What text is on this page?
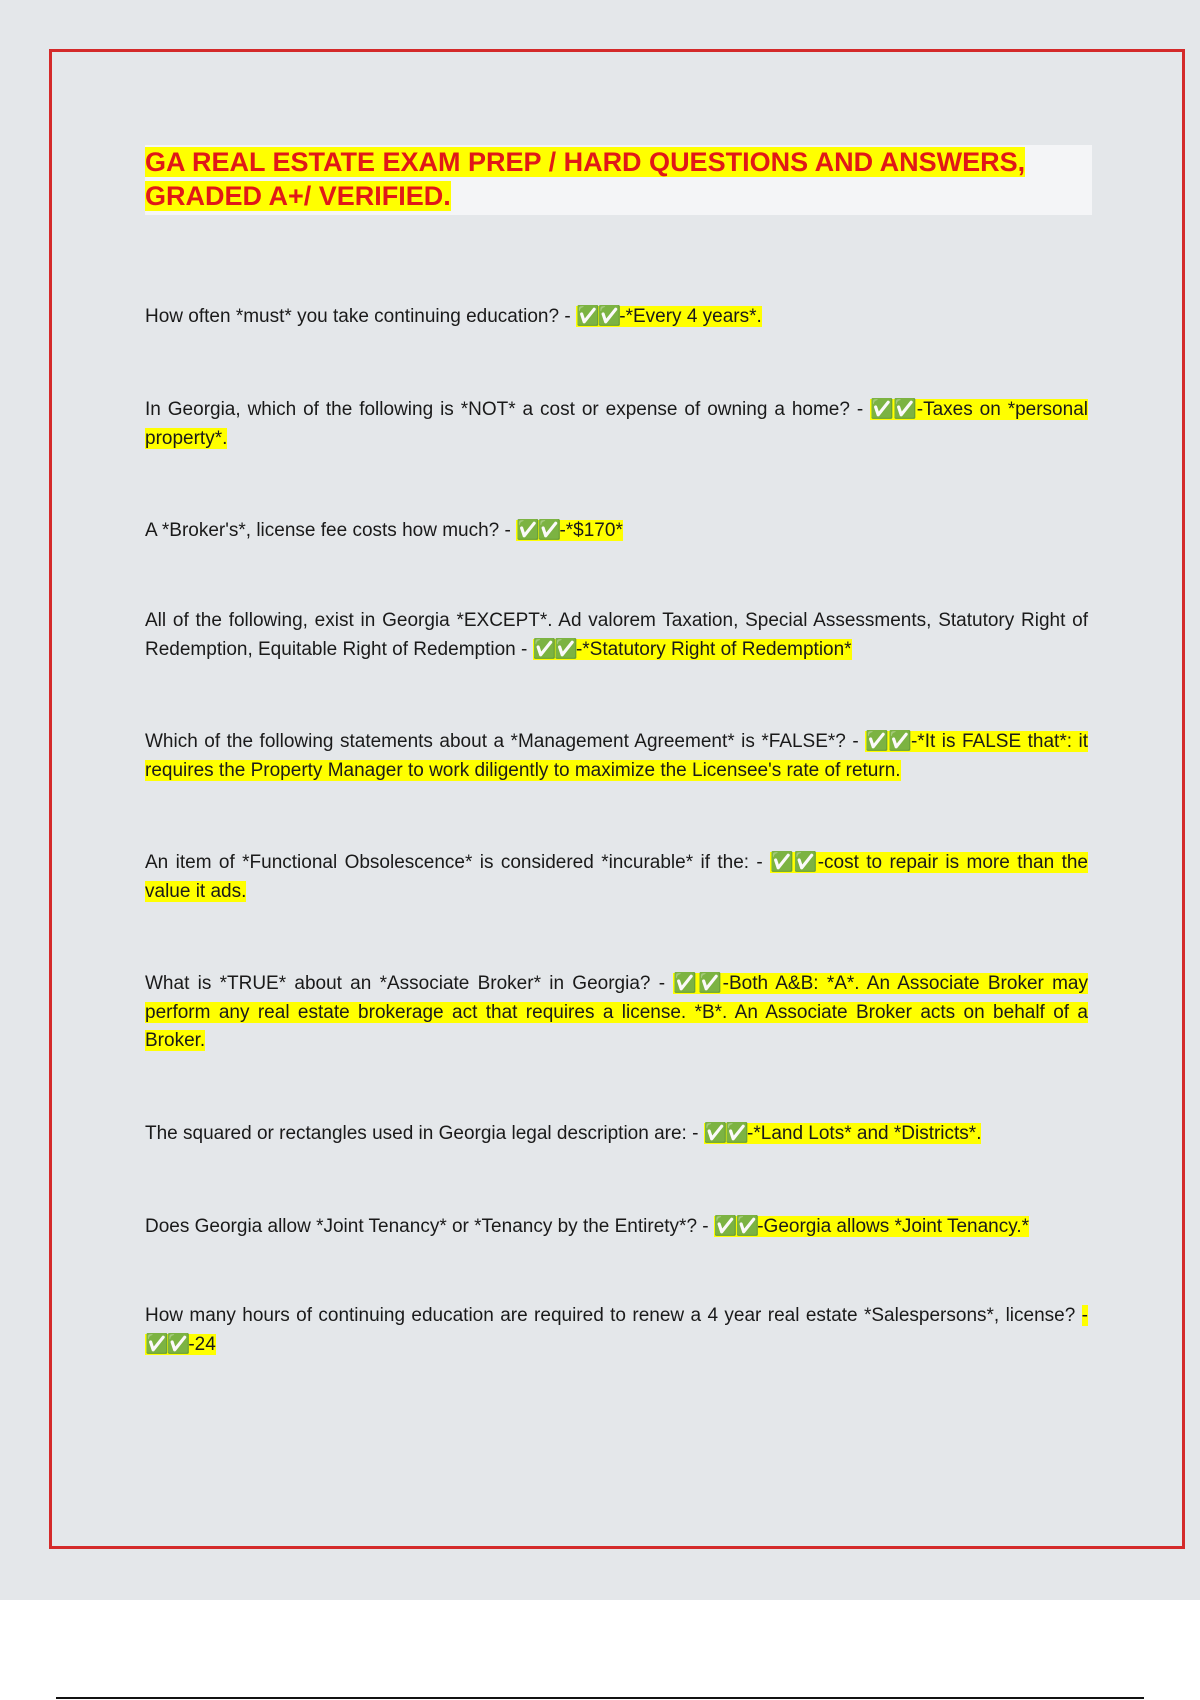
GA REAL ESTATE EXAM PREP / HARD QUESTIONS AND ANSWERS,
GRADED A+/ VERIFIED.

How often *must* you take continuing education? - ✅✅-*Every 4 years*.

In Georgia, which of the following is *NOT* a cost or expense of owning a home? - ✅✅-Taxes on *personal property*.

A *Broker's*, license fee costs how much? - ✅✅-*$170*

All of the following, exist in Georgia *EXCEPT*. Ad valorem Taxation, Special Assessments, Statutory Right of Redemption, Equitable Right of Redemption - ✅✅-*Statutory Right of Redemption*

Which of the following statements about a *Management Agreement* is *FALSE*? - ✅✅-*It is FALSE that*: it requires the Property Manager to work diligently to maximize the Licensee's rate of return.

An item of *Functional Obsolescence* is considered *incurable* if the: - ✅✅-cost to repair is more than the value it ads.

What is *TRUE* about an *Associate Broker* in Georgia? - ✅✅-Both A&B: *A*. An Associate Broker may perform any real estate brokerage act that requires a license. *B*. An Associate Broker acts on behalf of a Broker.

The squared or rectangles used in Georgia legal description are: - ✅✅-*Land Lots* and *Districts*.

Does Georgia allow *Joint Tenancy* or *Tenancy by the Entirety*? - ✅✅-Georgia allows *Joint Tenancy.*

How many hours of continuing education are required to renew a 4 year real estate *Salespersons*, license? - ✅✅-24
